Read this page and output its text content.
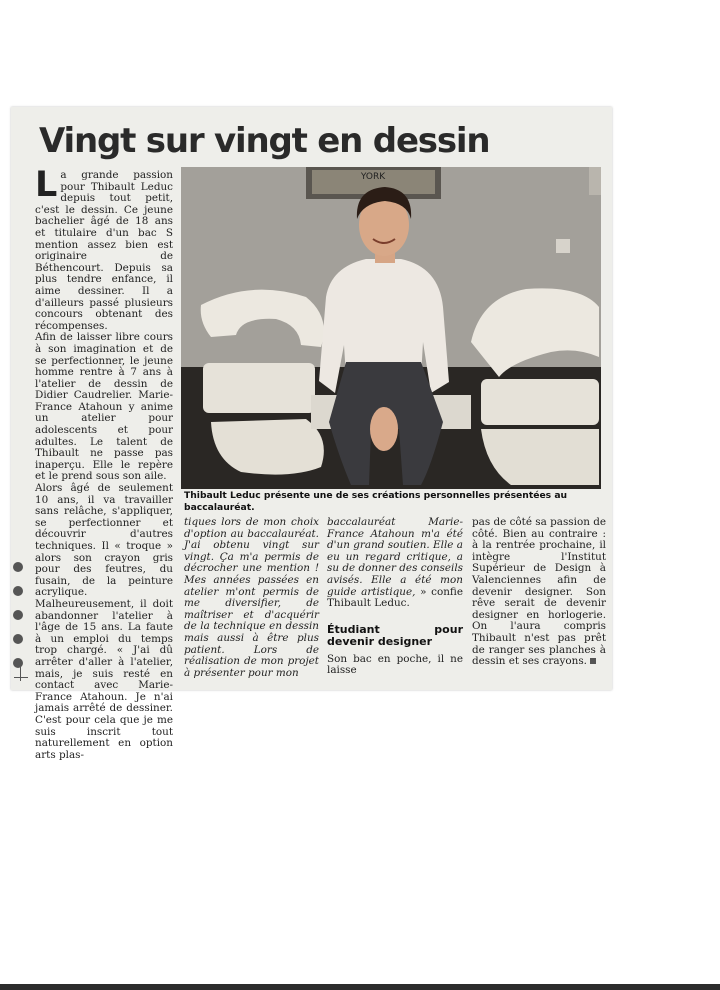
Vingt sur vingt en dessin

La grande passion pour Thibault Leduc depuis tout petit, c'est le dessin. Ce jeune bachelier âgé de 18 ans et titulaire d'un bac S mention assez bien est originaire de Béthencourt. Depuis sa plus tendre enfance, il aime dessiner. Il a d'ailleurs passé plusieurs concours obtenant des récompenses.

Afin de laisser libre cours à son imagination et de se perfectionner, le jeune homme rentre à 7 ans à l'atelier de dessin de Didier Caudrelier. Marie-France Atahoun y anime un atelier pour adolescents et pour adultes. Le talent de Thibault ne passe pas inaperçu. Elle le repère et le prend sous son aile.

Alors âgé de seulement 10 ans, il va travailler sans relâche, s'appliquer, se perfectionner et découvrir d'autres techniques. Il « troque » alors son crayon gris pour des feutres, du fusain, de la peinture acrylique.

Malheureusement, il doit abandonner l'atelier à l'âge de 15 ans. La faute à un emploi du temps trop chargé. « J'ai dû arrêter d'aller à l'atelier, mais, je suis resté en contact avec Marie-France Atahoun. Je n'ai jamais arrêté de dessiner. C'est pour cela que je me suis inscrit tout naturellement en option arts plas-

YORK
Thibault Leduc présente une de ses créations personnelles présentées au baccalauréat.

tiques lors de mon choix d'option au baccalauréat. J'ai obtenu vingt sur vingt. Ça m'a permis de décrocher une mention ! Mes années passées en atelier m'ont permis de me diversifier, de maîtriser et d'acquérir de la technique en dessin mais aussi à être plus patient. Lors de réalisation de mon projet à présenter pour mon

baccalauréat Marie-France Atahoun m'a été d'un grand soutien. Elle a eu un regard critique, a su de donner des conseils avisés. Elle a été mon guide artistique, » confie Thibault Leduc.

Étudiant pour devenir designer

Son bac en poche, il ne laisse

pas de côté sa passion de côté. Bien au contraire : à la rentrée prochaine, il intègre l'Institut Supérieur de Design à Valenciennes afin de devenir designer. Son rêve serait de devenir designer en horlogerie. On l'aura compris Thibault n'est pas prêt de ranger ses planches à dessin et ses crayons.
